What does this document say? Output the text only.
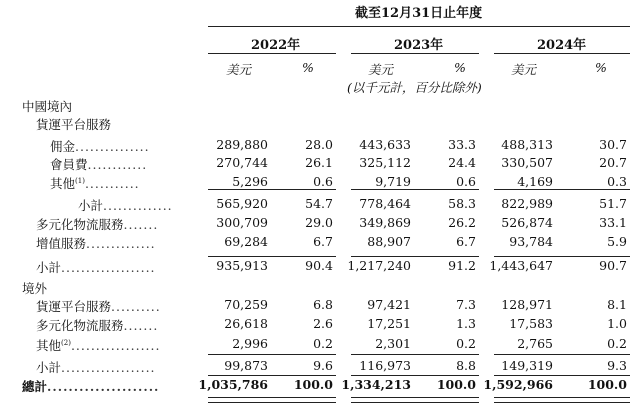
截至12月31日止年度
2022年	2023年	2024年
美元	%	美元	%	美元	%
(以千元計，百分比除外)
中國境內
貨運平台服務
佣金...............	289,880	28.0 443,633	33.3 488,313	30.7
會員費............	270,744	26.1 325,112	24.4 330,507	20.7
其他$^{(1)}$...........	5,296	0.6	9,719	0.6	4,169	0.3
小計..............	565,920	54.7 778,464	58.3 822,989	51.7
多元化物流服務.......	300,709	29.0 349,869	26.2 526,874	33.1
增值服務..............	69,284	6.7	88,907	6.7	93,784	5.9
小計...................	935,913	90.4 1,217,240	91.2 1,443,647	90.7
境外
貨運平台服務..........	70,259	6.8	97,421	7.3 128,971	8.1
多元化物流服務.......	26,618	2.6	17,251	1.3	17,583	1.0
其他$^{(2)}$..................	2,996	0.2	2,301	0.2	2,765	0.2
小計...................	99,873	9.6 116,973	8.8 149,319	9.3
總計.....................	1,035,786 100.0 1,334,213 100.0 1,592,966	100.0
